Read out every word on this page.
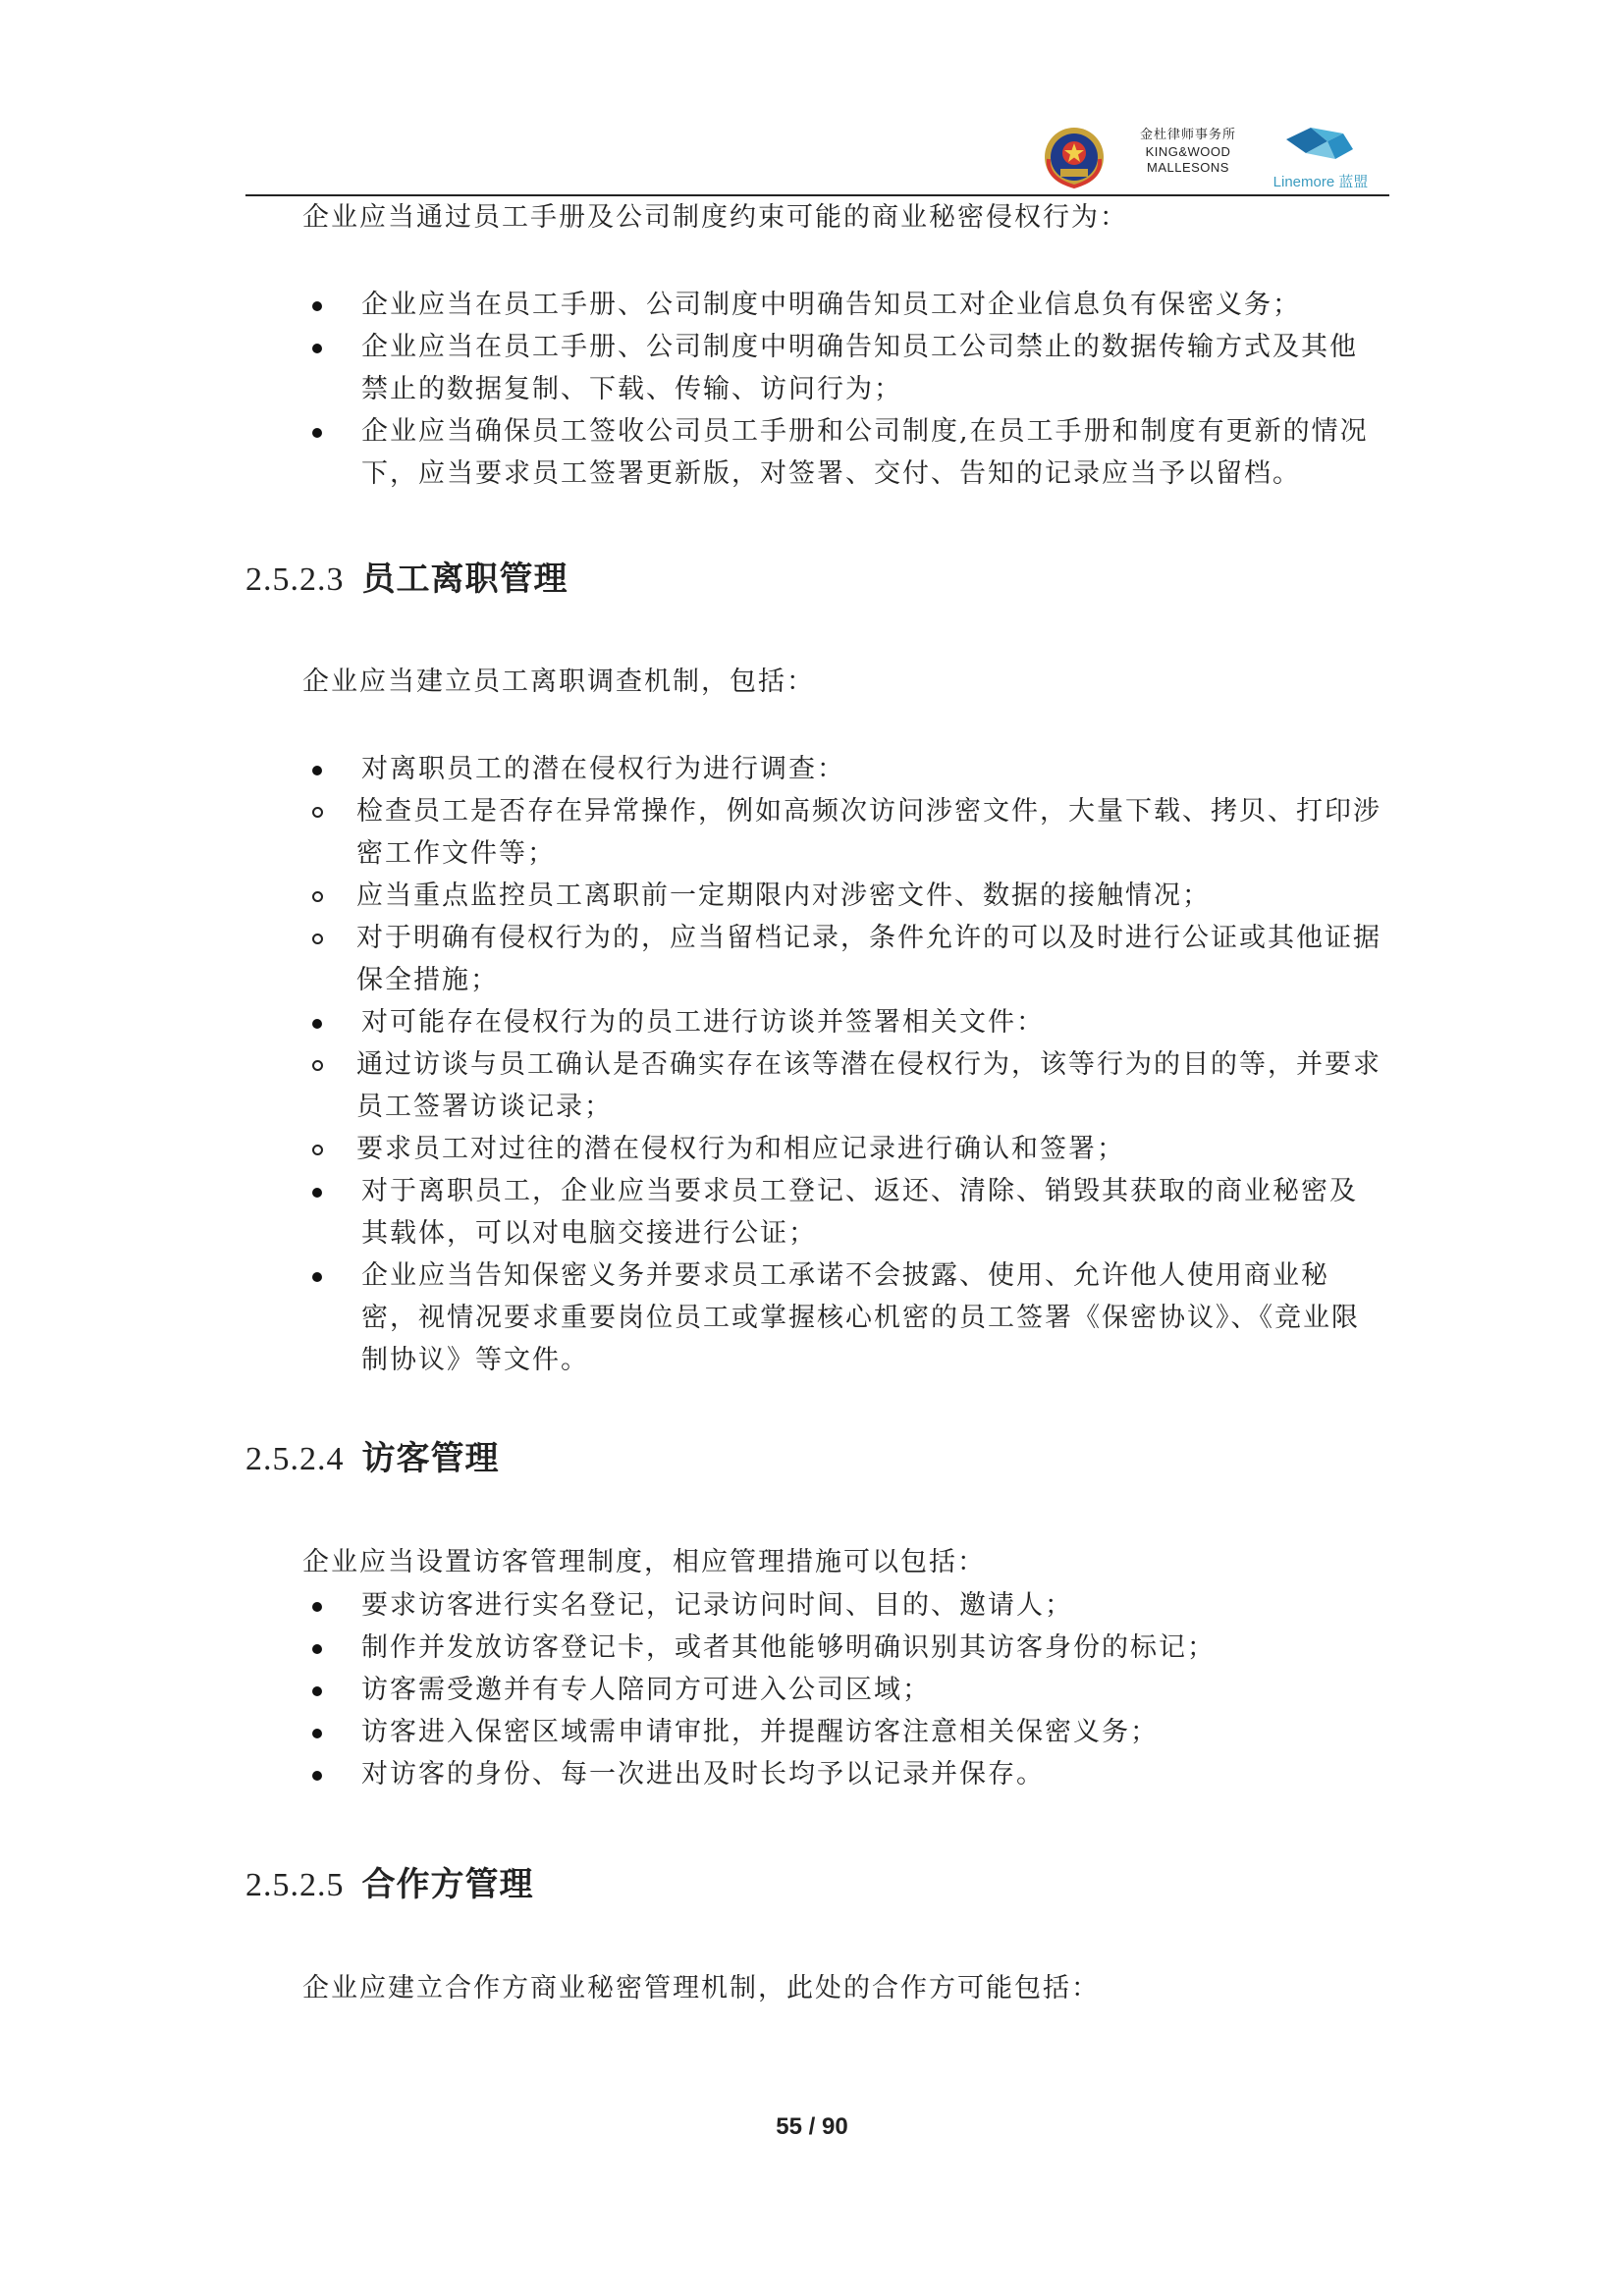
金杜律师事务所
KING&WOOD
MALLESONS
Linemore 蓝盟

企业应当通过员工手册及公司制度约束可能的商业秘密侵权行为：

企业应当在员工手册、公司制度中明确告知员工对企业信息负有保密义务；
企业应当在员工手册、公司制度中明确告知员工公司禁止的数据传输方式及其他禁止的数据复制、下载、传输、访问行为；
企业应当确保员工签收公司员工手册和公司制度,在员工手册和制度有更新的情况下，应当要求员工签署更新版，对签署、交付、告知的记录应当予以留档。
2.5.2.3 员工离职管理

企业应当建立员工离职调查机制，包括：

对离职员工的潜在侵权行为进行调查：
检查员工是否存在异常操作，例如高频次访问涉密文件，大量下载、拷贝、打印涉密工作文件等；
应当重点监控员工离职前一定期限内对涉密文件、数据的接触情况；
对于明确有侵权行为的，应当留档记录，条件允许的可以及时进行公证或其他证据保全措施；
对可能存在侵权行为的员工进行访谈并签署相关文件：
通过访谈与员工确认是否确实存在该等潜在侵权行为，该等行为的目的等，并要求员工签署访谈记录；
要求员工对过往的潜在侵权行为和相应记录进行确认和签署；
对于离职员工，企业应当要求员工登记、返还、清除、销毁其获取的商业秘密及其载体，可以对电脑交接进行公证；
企业应当告知保密义务并要求员工承诺不会披露、使用、允许他人使用商业秘密，视情况要求重要岗位员工或掌握核心机密的员工签署《保密协议》、《竞业限制协议》等文件。
2.5.2.4 访客管理

企业应当设置访客管理制度，相应管理措施可以包括：

要求访客进行实名登记，记录访问时间、目的、邀请人；
制作并发放访客登记卡，或者其他能够明确识别其访客身份的标记；
访客需受邀并有专人陪同方可进入公司区域；
访客进入保密区域需申请审批，并提醒访客注意相关保密义务；
对访客的身份、每一次进出及时长均予以记录并保存。
2.5.2.5 合作方管理

企业应建立合作方商业秘密管理机制，此处的合作方可能包括：

55 / 90
